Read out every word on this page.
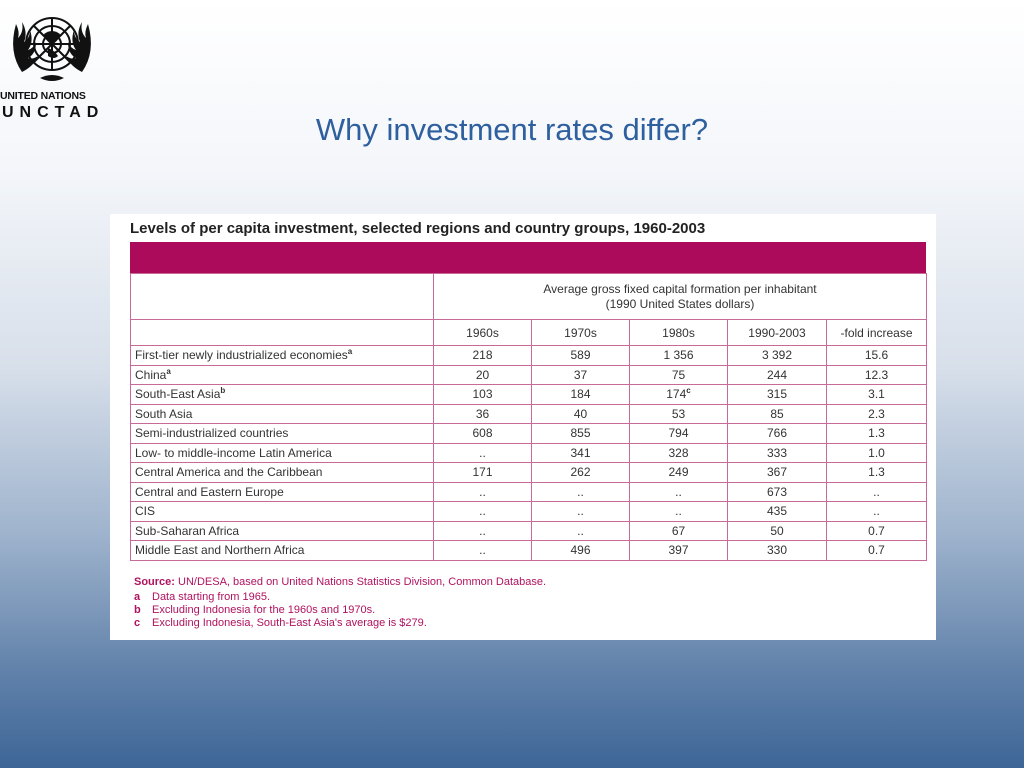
UNITED NATIONS
UNCTAD	Why investment rates differ?
Levels of per capita investment, selected regions and country groups, 1960-2003

	Average gross fixed capital formation per inhabitant
(1990 United States dollars)				

	1960s	1970s	1980s	1990-2003	-fold increase
First-tier newly industrialized economies$^a$	218	589	1 356	3 392	15.6
China$^a$	20	37	75	244	12.3
South-East Asia$^b$	103	184	174$^c$	315	3.1
South Asia	36	40	53	85	2.3
Semi-industrialized countries	608	855	794	766	1.3
Low- to middle-income Latin America	..	341	328	333	1.0
Central America and the Caribbean	171	262	249	367	1.3
Central and Eastern Europe	..	..	..	673	..
CIS	..	..	..	435	..
Sub-Saharan Africa	..	..	67	50	0.7
Middle East and Northern Africa	..	496	397	330	0.7
Source: UN/DESA, based on United Nations Statistics Division, Common Database.
a	Data starting from 1965.
b	Excluding Indonesia for the 1960s and 1970s.
c	Excluding Indonesia, South-East Asia's average is $279.
